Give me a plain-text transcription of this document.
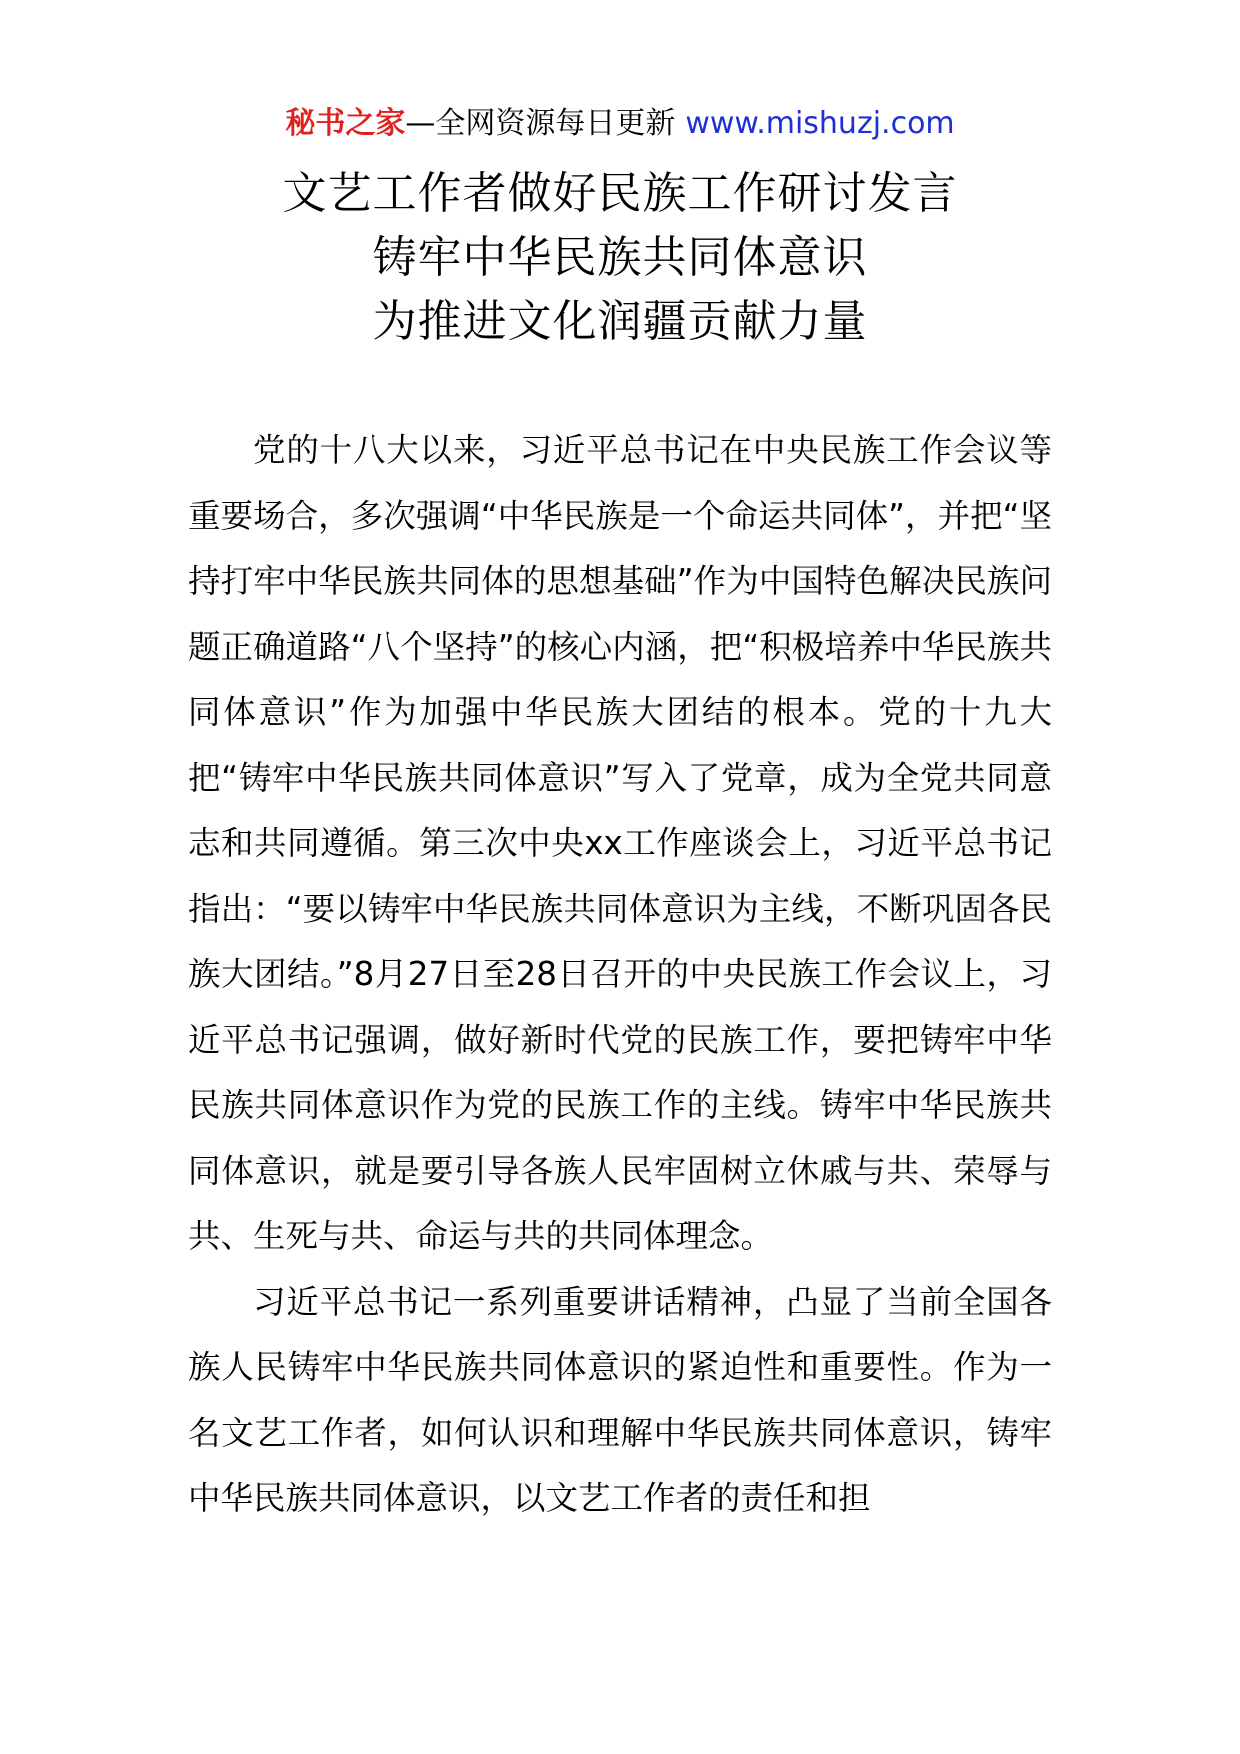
秘书之家—全网资源每日更新 www.mishuzj.com
文艺工作者做好民族工作研讨发言
铸牢中华民族共同体意识
为推进文化润疆贡献力量

党的十八大以来，习近平总书记在中央民族工作会议等重要场合，多次强调“中华民族是一个命运共同体”，并把“坚持打牢中华民族共同体的思想基础”作为中国特色解决民族问题正确道路“八个坚持”的核心内涵，把“积极培养中华民族共同体意识”作为加强中华民族大团结的根本。党的十九大把“铸牢中华民族共同体意识”写入了党章，成为全党共同意志和共同遵循。第三次中央xx工作座谈会上，习近平总书记指出：“要以铸牢中华民族共同体意识为主线，不断巩固各民族大团结。”8月27日至28日召开的中央民族工作会议上，习近平总书记强调，做好新时代党的民族工作，要把铸牢中华民族共同体意识作为党的民族工作的主线。铸牢中华民族共同体意识，就是要引导各族人民牢固树立休戚与共、荣辱与共、生死与共、命运与共的共同体理念。

习近平总书记一系列重要讲话精神，凸显了当前全国各族人民铸牢中华民族共同体意识的紧迫性和重要性。作为一名文艺工作者，如何认识和理解中华民族共同体意识，铸牢中华民族共同体意识，以文艺工作者的责任和担
